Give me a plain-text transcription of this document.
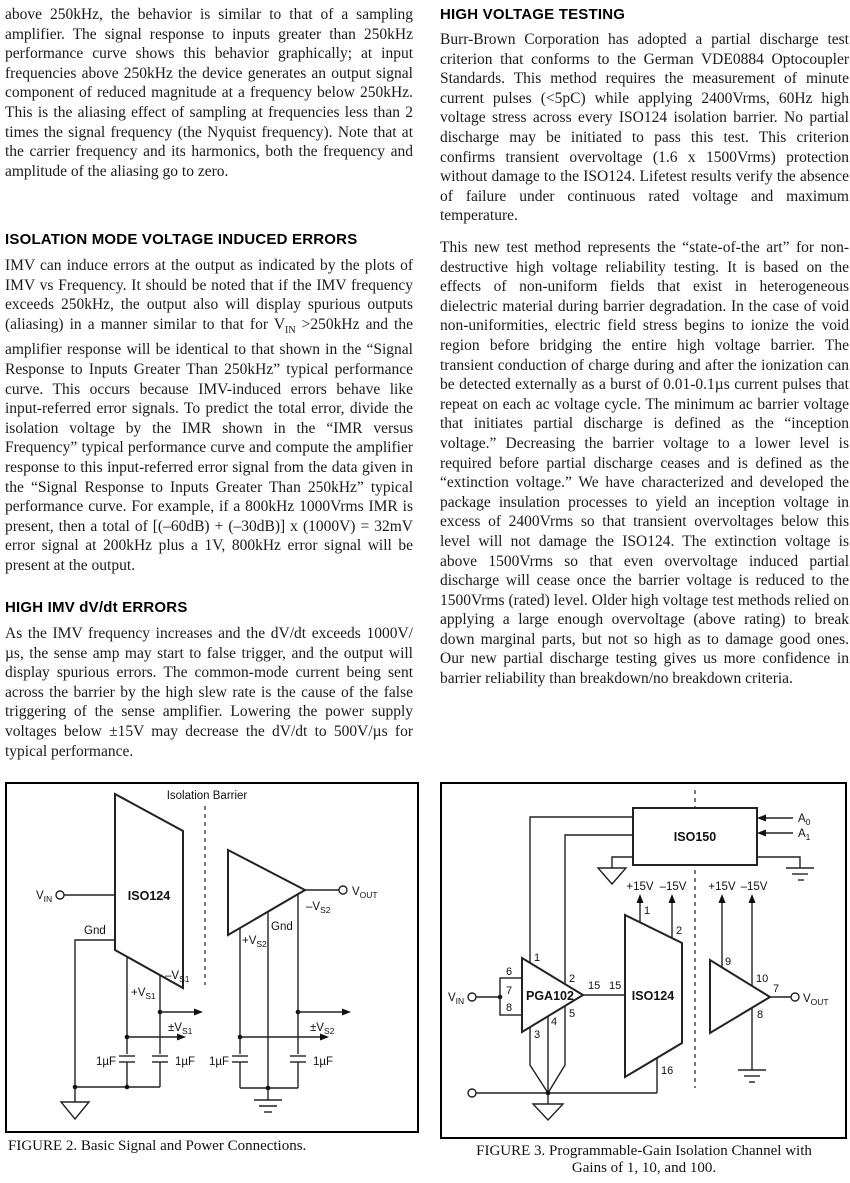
above 250kHz, the behavior is similar to that of a sampling amplifier. The signal response to inputs greater than 250kHz performance curve shows this behavior graphically; at input frequencies above 250kHz the device generates an output signal component of reduced magnitude at a frequency below 250kHz. This is the aliasing effect of sampling at frequencies less than 2 times the signal frequency (the Nyquist frequency). Note that at the carrier frequency and its harmonics, both the frequency and amplitude of the aliasing go to zero.
ISOLATION MODE VOLTAGE INDUCED ERRORS
IMV can induce errors at the output as indicated by the plots of IMV vs Frequency. It should be noted that if the IMV frequency exceeds 250kHz, the output also will display spurious outputs (aliasing) in a manner similar to that for $V_{IN} >250kHz$ and the amplifier response will be identical to that shown in the “Signal Response to Inputs Greater Than 250kHz” typical performance curve. This occurs because IMV-induced errors behave like input-referred error signals. To predict the total error, divide the isolation voltage by the IMR shown in the “IMR versus Frequency” typical performance curve and compute the amplifier response to this input-referred error signal from the data given in the “Signal Response to Inputs Greater Than 250kHz” typical performance curve. For example, if a 800kHz 1000Vrms IMR is present, then a total of [(–60dB) + (–30dB)] x (1000V) = 32mV error signal at 200kHz plus a 1V, 800kHz error signal will be present at the output.
HIGH IMV dV/dt ERRORS
As the IMV frequency increases and the dV/dt exceeds 1000V/µs, the sense amp may start to false trigger, and the output will display spurious errors. The common-mode current being sent across the barrier by the high slew rate is the cause of the false triggering of the sense amplifier. Lowering the power supply voltages below ±15V may decrease the dV/dt to 500V/µs for typical performance.
HIGH VOLTAGE TESTING
Burr-Brown Corporation has adopted a partial discharge test criterion that conforms to the German VDE0884 Optocoupler Standards. This method requires the measurement of minute current pulses (<5pC) while applying 2400Vrms, 60Hz high voltage stress across every ISO124 isolation barrier. No partial discharge may be initiated to pass this test. This criterion confirms transient overvoltage (1.6 x 1500Vrms) protection without damage to the ISO124. Lifetest results verify the absence of failure under continuous rated voltage and maximum temperature.
This new test method represents the “state-of-the art” for non-destructive high voltage reliability testing. It is based on the effects of non-uniform fields that exist in heterogeneous dielectric material during barrier degradation. In the case of void non-uniformities, electric field stress begins to ionize the void region before bridging the entire high voltage barrier. The transient conduction of charge during and after the ionization can be detected externally as a burst of 0.01-0.1µs current pulses that repeat on each ac voltage cycle. The minimum ac barrier voltage that initiates partial discharge is defined as the “inception voltage.” Decreasing the barrier voltage to a lower level is required before partial discharge ceases and is defined as the “extinction voltage.” We have characterized and developed the package insulation processes to yield an inception voltage in excess of 2400Vrms so that transient overvoltages below this level will not damage the ISO124. The extinction voltage is above 1500Vrms so that even overvoltage induced partial discharge will cease once the barrier voltage is reduced to the 1500Vrms (rated) level. Older high voltage test methods relied on applying a large enough overvoltage (above rating) to break down marginal parts, but not so high as to damage good ones. Our new partial discharge testing gives us more confidence in barrier reliability than breakdown/no breakdown criteria.
Isolation Barrier
ISO124
$V_{IN}$
Gnd
$V_{OUT}$
$-V_{S2}$
Gnd
$+V_{S2}$
$-V_{S1}$
$+V_{S1}$
$\pm V_{S1}$
1µF	1µF
$\pm V_{S2}$
1µF	1µF
FIGURE 2. Basic Signal and Power Connections.
ISO150
$A_0$
$A_1$
+15V –15V +15V –15V
$V_{IN}$
6
7
8
PGA102
1
2
3
4
5
15 15
ISO124
1
2
16
9
10
7
8
$V_{OUT}$
FIGURE 3. Programmable-Gain Isolation Channel with
Gains of 1, 10, and 100.
